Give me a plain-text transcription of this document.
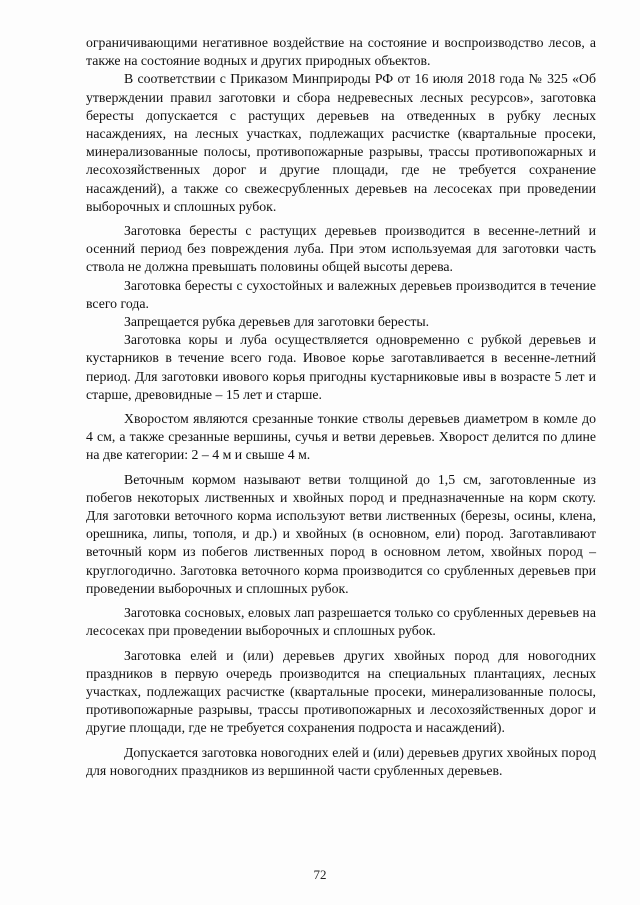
ограничивающими негативное воздействие на состояние и воспроизводство лесов, а также на состояние водных и других природных объектов.

В соответствии с Приказом Минприроды РФ от 16 июля 2018 года № 325 «Об утверждении правил заготовки и сбора недревесных лесных ресурсов», заготовка бересты допускается с растущих деревьев на отведенных в рубку лесных насаждениях, на лесных участках, подлежащих расчистке (квартальные просеки, минерализованные полосы, противопожарные разрывы, трассы противопожарных и лесохозяйственных дорог и другие площади, где не требуется сохранение насаждений), а также со свежесрубленных деревьев на лесосеках при проведении выборочных и сплошных рубок.

Заготовка бересты с растущих деревьев производится в весенне-летний и осенний период без повреждения луба. При этом используемая для заготовки часть ствола не должна превышать половины общей высоты дерева.

Заготовка бересты с сухостойных и валежных деревьев производится в течение всего года.

Запрещается рубка деревьев для заготовки бересты.

Заготовка коры и луба осуществляется одновременно с рубкой деревьев и кустарников в течение всего года. Ивовое корье заготавливается в весенне-летний период. Для заготовки ивового корья пригодны кустарниковые ивы в возрасте 5 лет и старше, древовидные – 15 лет и старше.

Хворостом являются срезанные тонкие стволы деревьев диаметром в комле до 4 см, а также срезанные вершины, сучья и ветви деревьев. Хворост делится по длине на две категории: 2 – 4 м и свыше 4 м.

Веточным кормом называют ветви толщиной до 1,5 см, заготовленные из побегов некоторых лиственных и хвойных пород и предназначенные на корм скоту. Для заготовки веточного корма используют ветви лиственных (березы, осины, клена, орешника, липы, тополя, и др.) и хвойных (в основном, ели) пород. Заготавливают веточный корм из побегов лиственных пород в основном летом, хвойных пород – круглогодично. Заготовка веточного корма производится со срубленных деревьев при проведении выборочных и сплошных рубок.

Заготовка сосновых, еловых лап разрешается только со срубленных деревьев на лесосеках при проведении выборочных и сплошных рубок.

Заготовка елей и (или) деревьев других хвойных пород для новогодних праздников в первую очередь производится на специальных плантациях, лесных участках, подлежащих расчистке (квартальные просеки, минерализованные полосы, противопожарные разрывы, трассы противопожарных и лесохозяйственных дорог и другие площади, где не требуется сохранения подроста и насаждений).

Допускается заготовка новогодних елей и (или) деревьев других хвойных пород для новогодних праздников из вершинной части срубленных деревьев.

72
